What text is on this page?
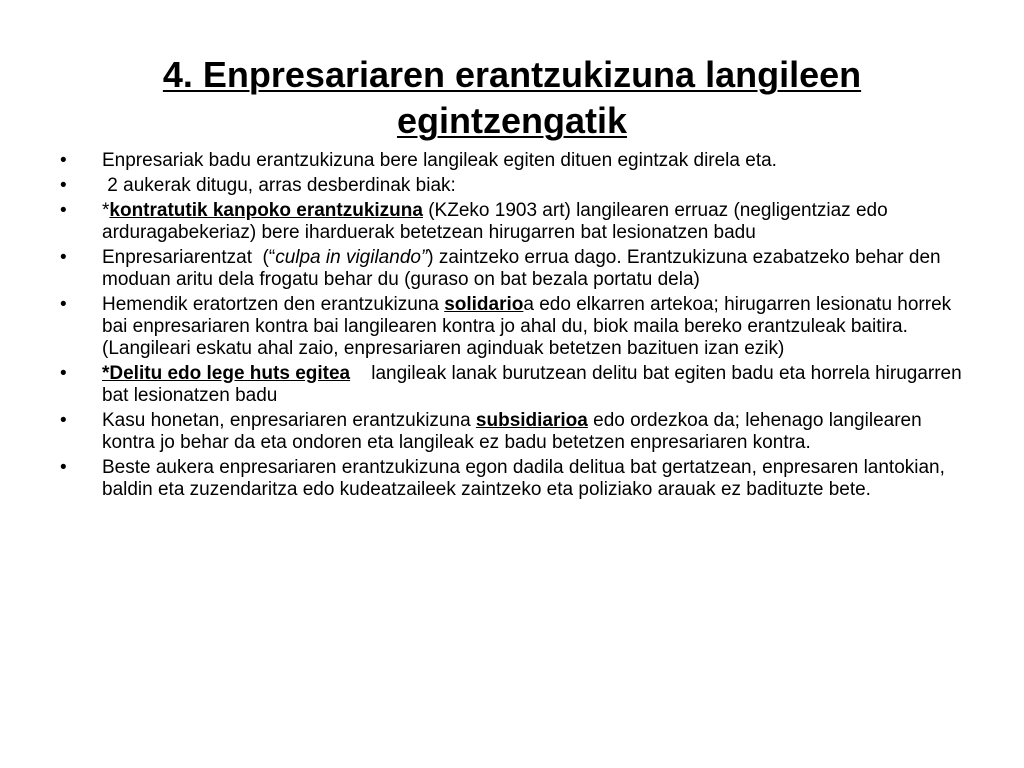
4. Enpresariaren erantzukizuna langileen
egintzengatik
• Enpresariak badu erantzukizuna bere langileak egiten dituen egintzak direla eta.
• 2 aukerak ditugu, arras desberdinak biak:
• *kontratutik kanpoko erantzukizuna (KZeko 1903 art) langilearen erruaz (negligentziaz edo arduragabekeriaz) bere iharduerak betetzean hirugarren bat lesionatzen badu
• Enpresariarentzat  (“culpa in vigilando”) zaintzeko errua dago. Erantzukizuna ezabatzeko behar den moduan aritu dela frogatu behar du (guraso on bat bezala portatu dela)
• Hemendik eratortzen den erantzukizuna solidarioa edo elkarren artekoa; hirugarren lesionatu horrek bai enpresariaren kontra bai langilearen kontra jo ahal du, biok maila bereko erantzuleak baitira. (Langileari eskatu ahal zaio, enpresariaren aginduak betetzen bazituen izan ezik)
• *Delitu edo lege huts egitea    langileak lanak burutzean delitu bat egiten badu eta horrela hirugarren bat lesionatzen badu
• Kasu honetan, enpresariaren erantzukizuna subsidiarioa edo ordezkoa da; lehenago langilearen kontra jo behar da eta ondoren eta langileak ez badu betetzen enpresariaren kontra.
• Beste aukera enpresariaren erantzukizuna egon dadila delitua bat gertatzean, enpresaren lantokian, baldin eta zuzendaritza edo kudeatzaileek zaintzeko eta poliziako arauak ez badituzte bete.
